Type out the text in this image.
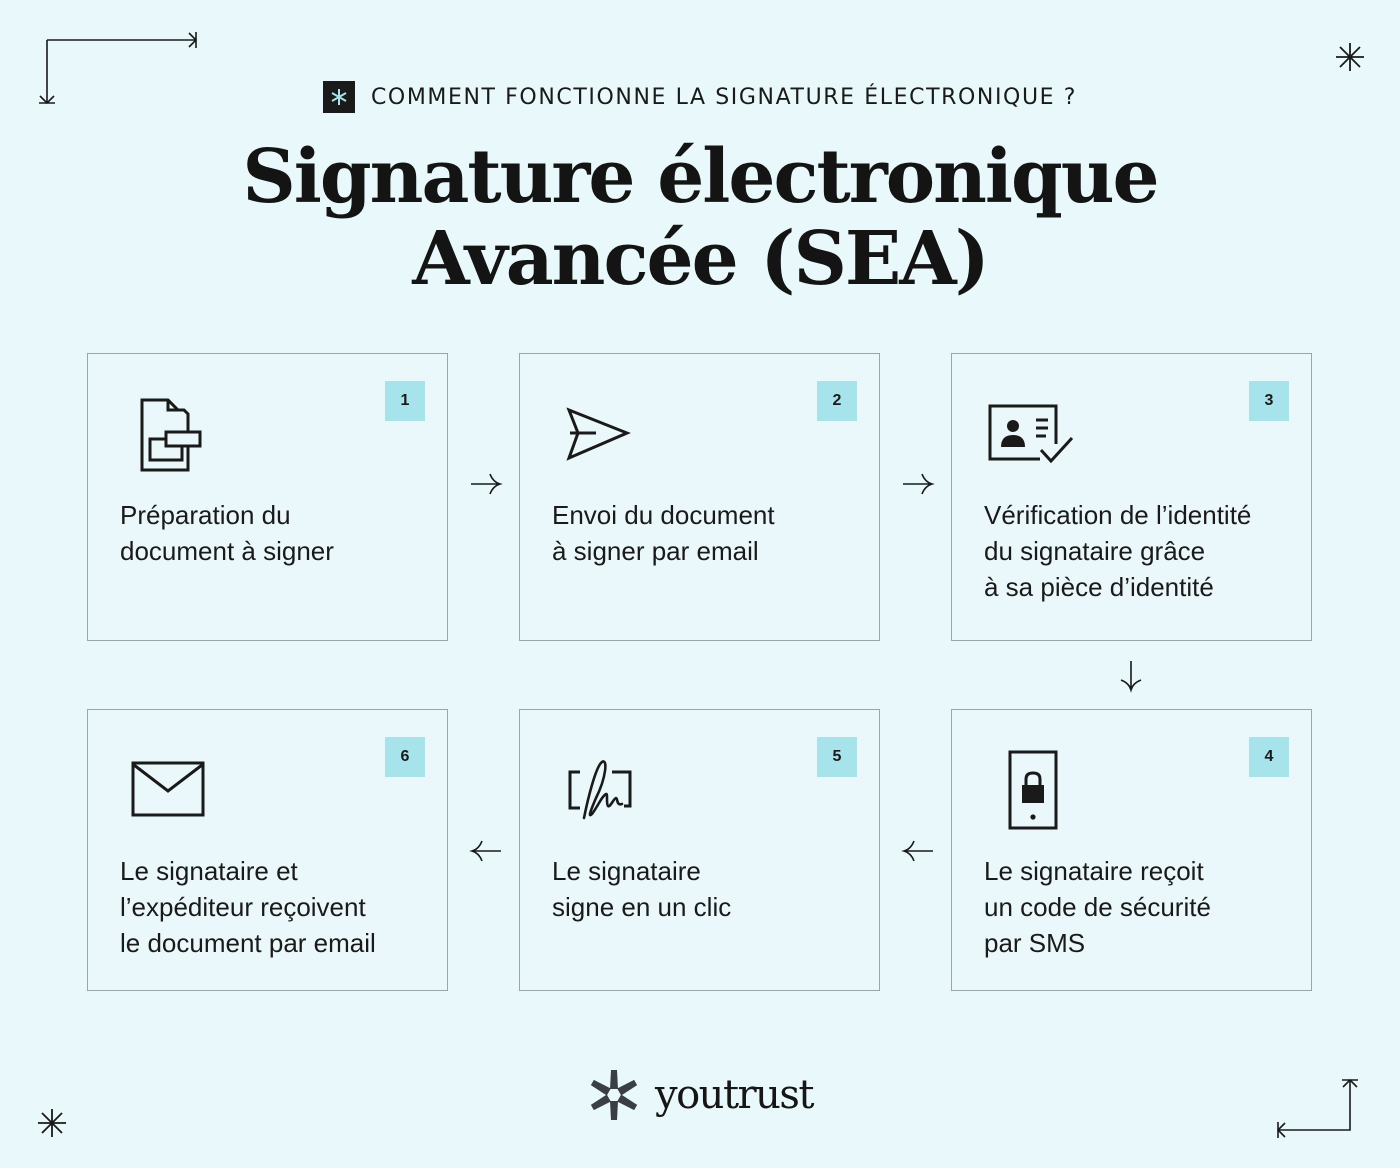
COMMENT FONCTIONNE LA SIGNATURE ÉLECTRONIQUE ?
Signature électronique
Avancée (SEA)
1
Préparation du
document à signer
2
Envoi du document
à signer par email
3
Vérification de l’identité
du signataire grâce
à sa pièce d’identité
6
Le signataire et
l’expéditeur reçoivent
le document par email
5
Le signataire
signe en un clic
4
Le signataire reçoit
un code de sécurité
par SMS
youtrust
